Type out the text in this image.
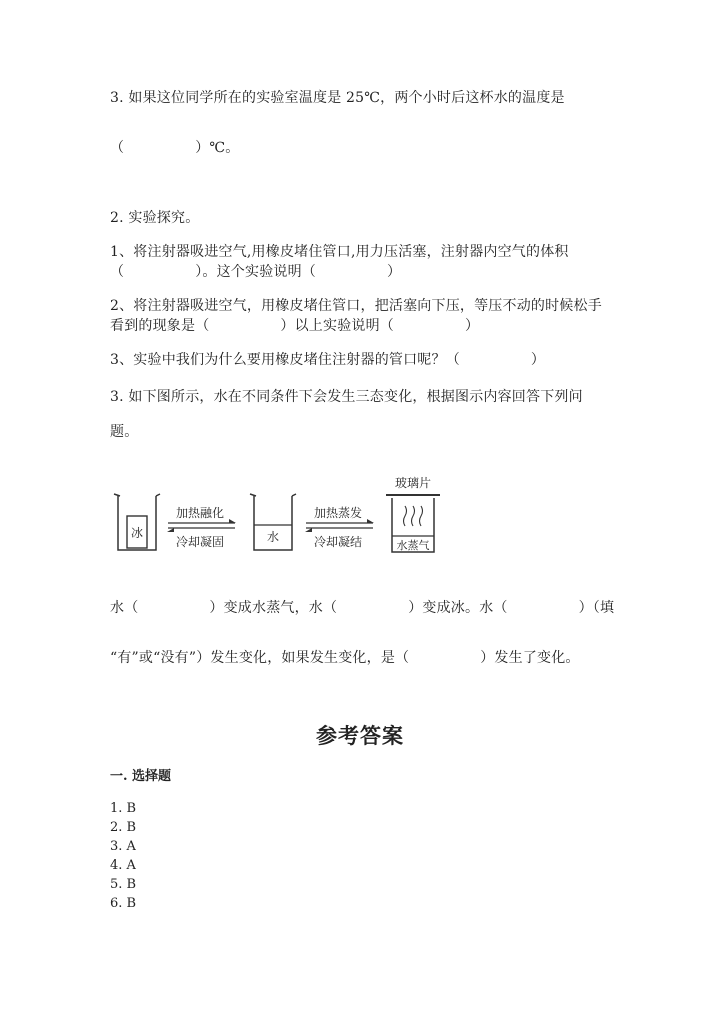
3. 如果这位同学所在的实验室温度是 25℃，两个小时后这杯水的温度是
（　　　　　）℃。
2. 实验探究。
1、将注射器吸进空气,用橡皮堵住管口,用力压活塞，注射器内空气的体积
（　　　　　）。这个实验说明（　　　　　）
2、将注射器吸进空气，用橡皮堵住管口，把活塞向下压，等压不动的时候松手
看到的现象是（　　　　　）以上实验说明（　　　　　）
3、实验中我们为什么要用橡皮堵住注射器的管口呢？（　　　　　）
3. 如下图所示，水在不同条件下会发生三态变化，根据图示内容回答下列问
题。
冰
加热融化
冷却凝固	水
加热蒸发
冷却凝结
玻璃片
水蒸气
水（　　　　　）变成水蒸气，水（　　　　　）变成冰。水（　　　　　）（填
“有”或“没有”）发生变化，如果发生变化，是（　　　　　）发生了变化。
参考答案
一. 选择题
1. B
2. B
3. A
4. A
5. B
6. B
